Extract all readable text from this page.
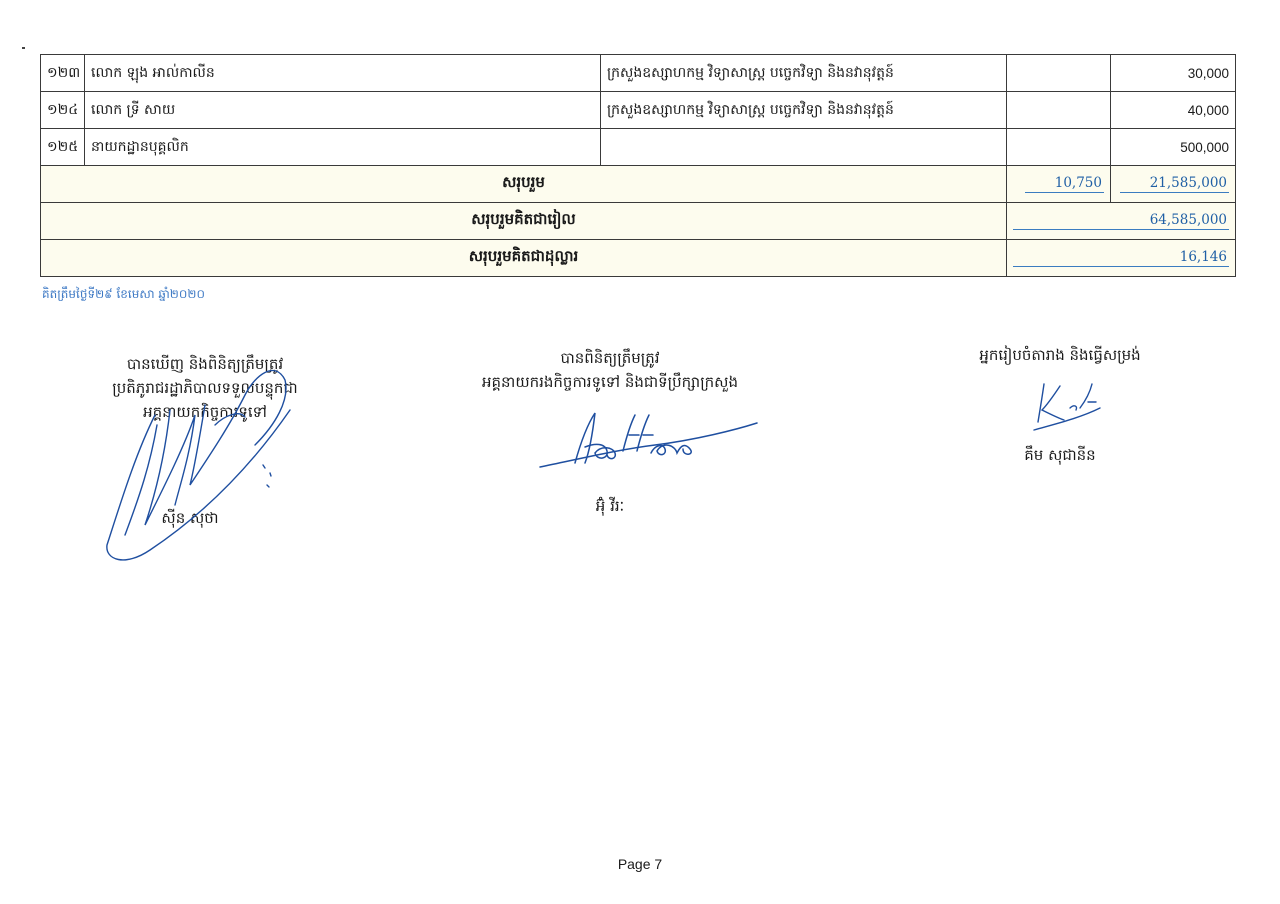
១២៣	លោក ឡុង អាល់កាលីន	ក្រសួងឧស្សាហកម្ម វិទ្យាសាស្ត្រ បច្ចេកវិទ្យា និងនវានុវត្តន៍		30,000
១២៤	លោក ទ្រី សាយ	ក្រសួងឧស្សាហកម្ម វិទ្យាសាស្ត្រ បច្ចេកវិទ្យា និងនវានុវត្តន៍		40,000
១២៥	នាយកដ្ឋានបុគ្គលិក			500,000
សរុបរួម			10,750	21,585,000
សរុបរួមគិតជារៀល			64,585,000	
សរុបរួមគិតជាដុល្លារ			16,146	
គិតត្រឹមថ្ងៃទី២៩ ខែមេសា ឆ្នាំ២០២០
បានឃើញ និងពិនិត្យត្រឹមត្រូវ
ប្រតិភូរាជរដ្ឋាភិបាលទទួលបន្ទុកជា
អគ្គនាយកកិច្ចការទូទៅ
ស៊ីន សុថា
បានពិនិត្យត្រឹមត្រូវ
អគ្គនាយករងកិច្ចការទូទៅ និងជាទីប្រឹក្សាក្រសួង
អ៊ុំ វីរៈ
អ្នករៀបចំតារាង និងធ្វើសម្រង់
គឹម សុជានីន
Page 7
